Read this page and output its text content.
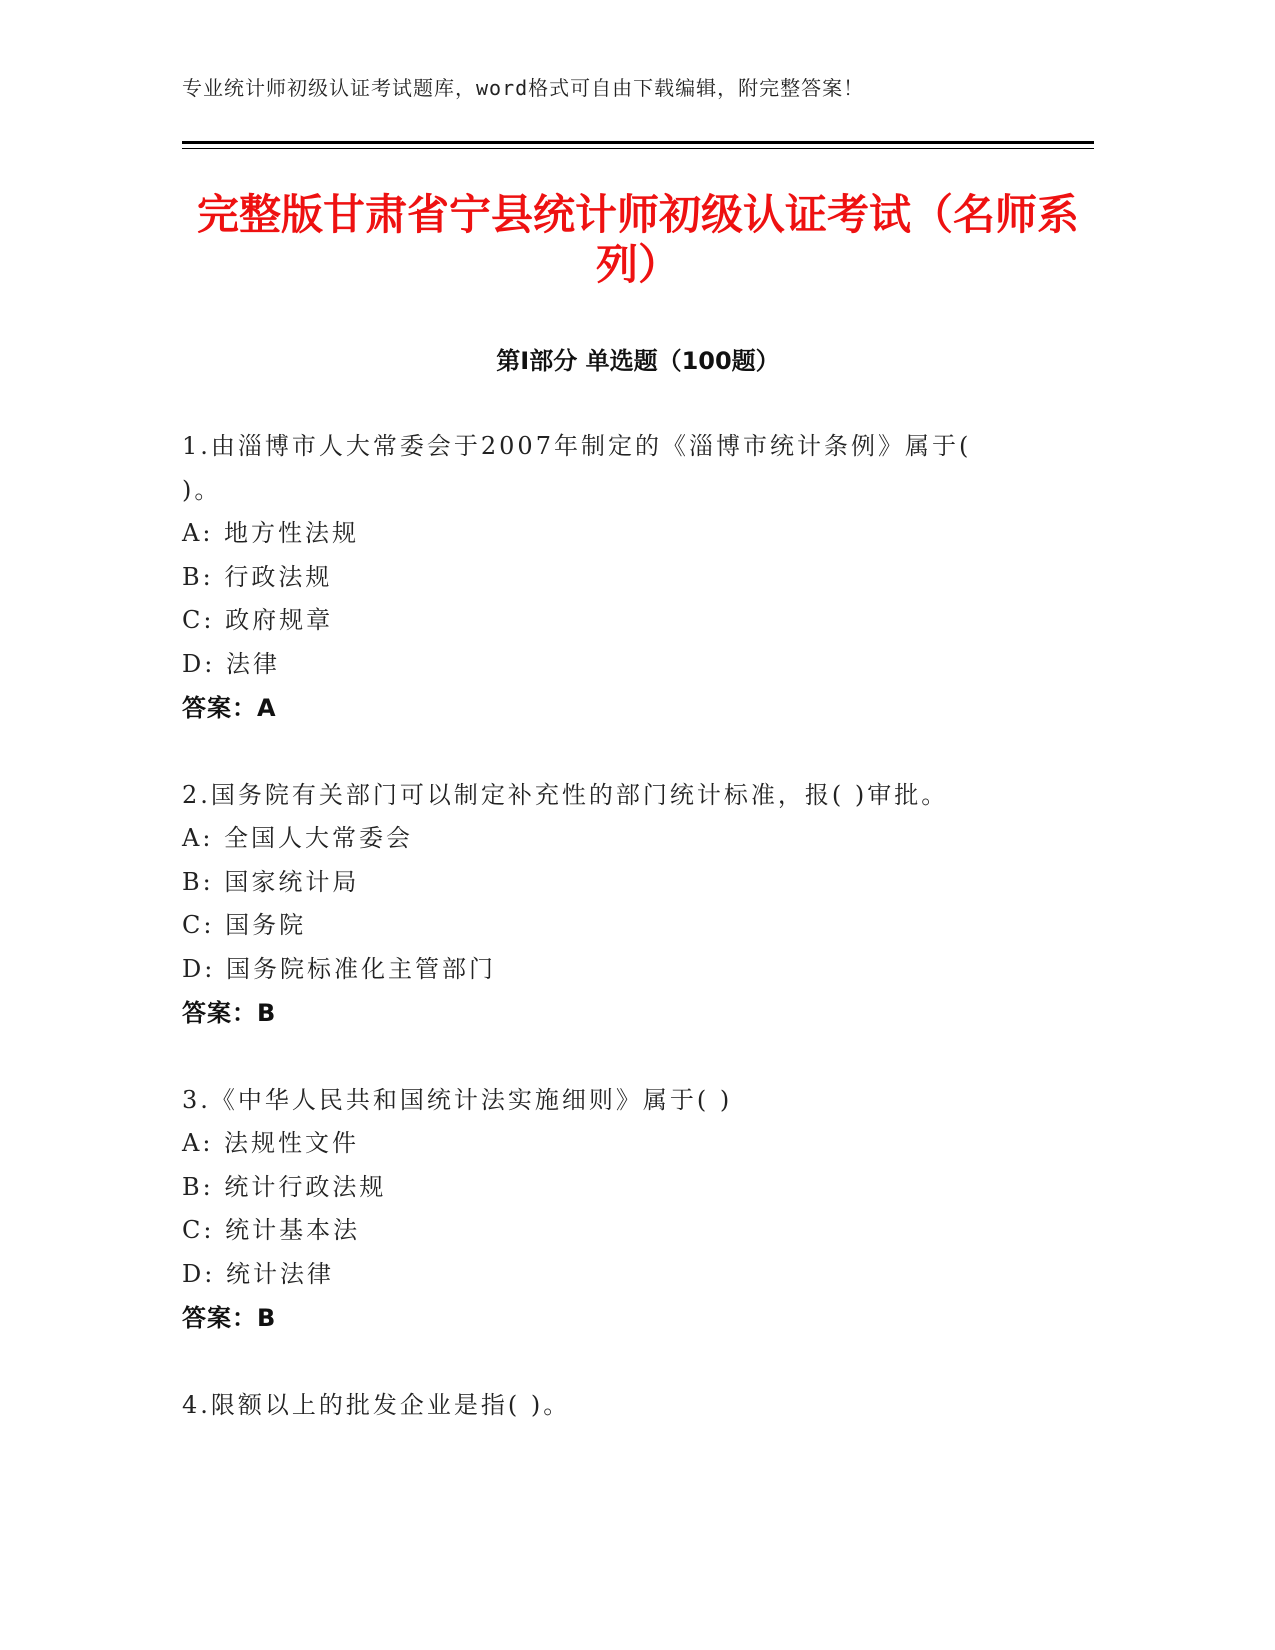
专业统计师初级认证考试题库，word格式可自由下载编辑，附完整答案！
完整版甘肃省宁县统计师初级认证考试（名师系列）
第I部分 单选题（100题）
1.由淄博市人大常委会于2007年制定的《淄博市统计条例》属于( )。
A: 地方性法规
B: 行政法规
C: 政府规章
D: 法律
答案：A
2.国务院有关部门可以制定补充性的部门统计标准，报( )审批。
A: 全国人大常委会
B: 国家统计局
C: 国务院
D: 国务院标准化主管部门
答案：B
3.《中华人民共和国统计法实施细则》属于( )
A: 法规性文件
B: 统计行政法规
C: 统计基本法
D: 统计法律
答案：B
4.限额以上的批发企业是指( )。
